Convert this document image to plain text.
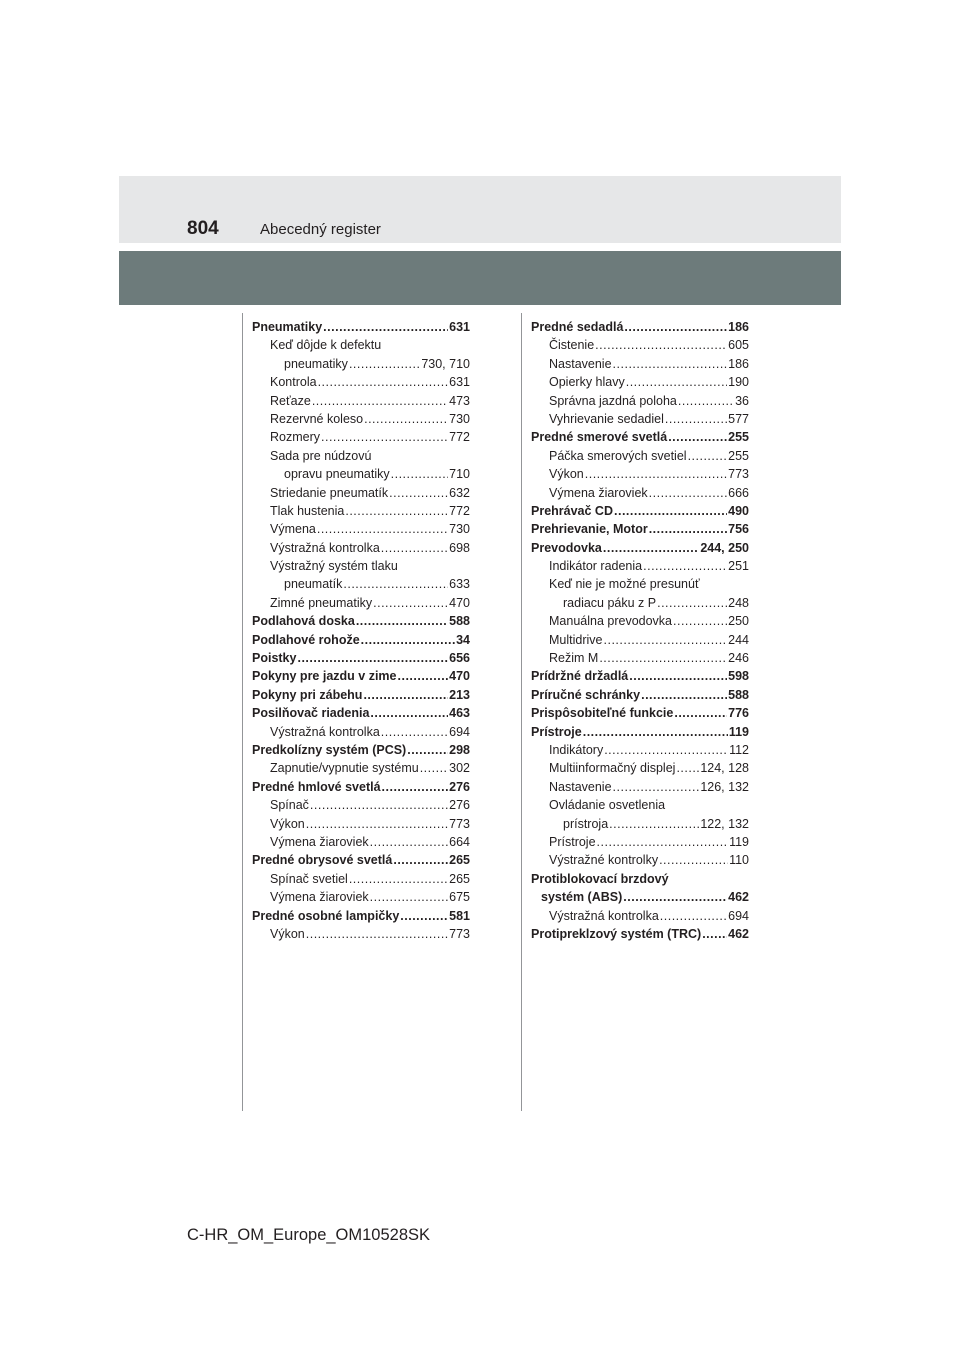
804	Abecedný register
Pneumatiky .....	631
Keď dôjde k defektu
pneumatiky .....	730, 710
Kontrola .....	631
Reťaze .....	473
Rezervné koleso .....	730
Rozmery .....	772
Sada pre núdzovú
opravu pneumatiky .....	710
Striedanie pneumatík .....	632
Tlak hustenia .....	772
Výmena .....	730
Výstražná kontrolka .....	698
Výstražný systém tlaku
pneumatík .....	633
Zimné pneumatiky .....	470
Podlahová doska .....	588
Podlahové rohože .....	34
Poistky .....	656
Pokyny pre jazdu v zime .....	470
Pokyny pri zábehu .....	213
Posilňovač riadenia .....	463
Výstražná kontrolka .....	694
Predkolízny systém (PCS) .....	298
Zapnutie/vypnutie systému ..... 302
Predné hmlové svetlá .....	276
Spínač .....	276
Výkon .....	773
Výmena žiaroviek .....	664
Predné obrysové svetlá .....	265
Spínač svetiel .....	265
Výmena žiaroviek .....	675
Predné osobné lampičky .....	581
Výkon .....	773
Predné sedadlá .....	186
Čistenie .....	605
Nastavenie .....	186
Opierky hlavy .....	190
Správna jazdná poloha .....	36
Vyhrievanie sedadiel .....	577
Predné smerové svetlá .....	255
Páčka smerových svetiel .....	255
Výkon .....	773
Výmena žiaroviek .....	666
Prehrávač CD .....	490
Prehrievanie, Motor .....	756
Prevodovka .....	244, 250
Indikátor radenia .....	251
Keď nie je možné presunúť
radiacu páku z P .....	248
Manuálna prevodovka .....	250
Multidrive .....	244
Režim M .....	246
Prídržné držadlá .....	598
Príručné schránky .....	588
Prispôsobiteľné funkcie .....	776
Prístroje .....	119
Indikátory .....	112
Multiinformačný displej ..... 124, 128
Nastavenie .....	126, 132
Ovládanie osvetlenia
prístroja .....	122, 132
Prístroje .....	119
Výstražné kontrolky .....	110
Protiblokovací brzdový
systém (ABS) .....	462
Výstražná kontrolka .....	694
Protipreklzový systém (TRC) ..... 462
C-HR_OM_Europe_OM10528SK
